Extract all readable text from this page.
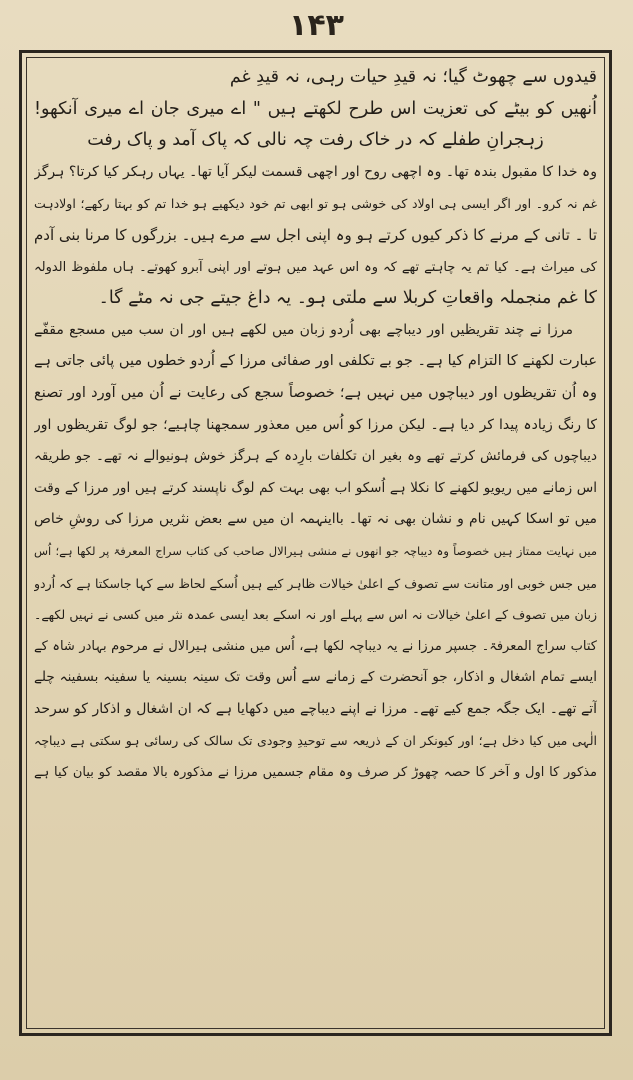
۱۴۳
قیدوں سے چھوٹ گیا؛ نہ قیدِ حیات رہی، نہ قیدِ غم
اُنھیں کو بیٹے کی تعزیت اس طرح لکھتے ہیں " اے میری جان اے میری آنکھو!
زہجرانِ طفلے کہ در خاک رفت چہ نالی کہ پاک آمد و پاک رفت
وہ خدا کا مقبول بندہ تھا۔ وہ اچھی روح اور اچھی قسمت لیکر آیا تھا۔ یہاں رہکر کیا کرتا؟ ہرگز
غم نہ کرو۔ اور اگر ایسی ہی اولاد کی خوشی ہو تو ابھی تم خود دیکھیے ہو خدا تم کو بہتا رکھے؛ اولادہت
تا ۔ تانی کے مرنے کا ذکر کیوں کرتے ہو وہ اپنی اجل سے مرے ہیں۔ بزرگوں کا مرنا بنی آدم
کی میراث ہے۔ کیا تم یہ چاہتے تھے کہ وہ اس عہد میں ہوتے اور اپنی آبرو کھوتے۔ ہاں ملفوظ الدولہ
کا غم منجملہ واقعاتِ کربلا سے ملتی ہو۔ یہ داغ جیتے جی نہ مٹے گا۔
مرزا نے چند تقریظیں اور دیباچے بھی اُردو زبان میں لکھے ہیں اور ان سب میں مسجع مقفّے
عبارت لکھنے کا التزام کیا ہے۔ جو بے تکلفی اور صفائی مرزا کے اُردو خطوں میں پائی جاتی ہے
وہ اُن تقریظوں اور دیباچوں میں نہیں ہے؛ خصوصاً سجع کی رعایت نے اُن میں آورد اور تصنع
کا رنگ زیادہ پیدا کر دیا ہے۔ لیکن مرزا کو اُس میں معذور سمجھنا چاہیے؛ جو لوگ تقریظوں اور
دیباچوں کی فرمائش کرتے تھے وہ بغیر ان تکلفات بارِدہ کے ہرگز خوش ہونیوالے نہ تھے۔ جو طریقہ
اس زمانے میں ریویو لکھنے کا نکلا ہے اُسکو اب بھی بہت کم لوگ ناپسند کرتے ہیں اور مرزا کے وقت
میں تو اسکا کہیں نام و نشان بھی نہ تھا۔ بااینہمہ ان میں سے بعض نثریں مرزا کی روشِ خاص
میں نہایت ممتاز ہیں خصوصاً وہ دیباچہ جو انھوں نے منشی ہیرالال صاحب کی کتاب سراج المعرفۃ پر لکھا ہے؛ اُس
میں جس خوبی اور متانت سے تصوف کے اعلیٰ خیالات ظاہر کیے ہیں اُسکے لحاظ سے کہا جاسکتا ہے کہ اُردو
زبان میں تصوف کے اعلیٰ خیالات نہ اس سے پہلے اور نہ اسکے بعد ایسی عمدہ نثر میں کسی نے نہیں لکھے۔
کتاب سراج المعرفۃ۔ جسپر مرزا نے یہ دیباچہ لکھا ہے، اُس میں منشی ہیرالال نے مرحوم بہادر شاہ کے
ایسے تمام اشغال و اذکار، جو آنحضرت کے زمانے سے اُس وقت تک سینہ بسینہ یا سفینہ بسفینہ چلے
آتے تھے۔ ایک جگہ جمع کیے تھے۔ مرزا نے اپنے دیباچے میں دکھایا ہے کہ ان اشغال و اذکار کو سرحد
الٰہی میں کیا دخل ہے؛ اور کیونکر ان کے ذریعہ سے توحیدِ وجودی تک سالک کی رسائی ہو سکتی ہے دیباچہ
مذکور کا اول و آخر کا حصہ چھوڑ کر صرف وہ مقام جسمیں مرزا نے مذکورہ بالا مقصد کو بیان کیا ہے
